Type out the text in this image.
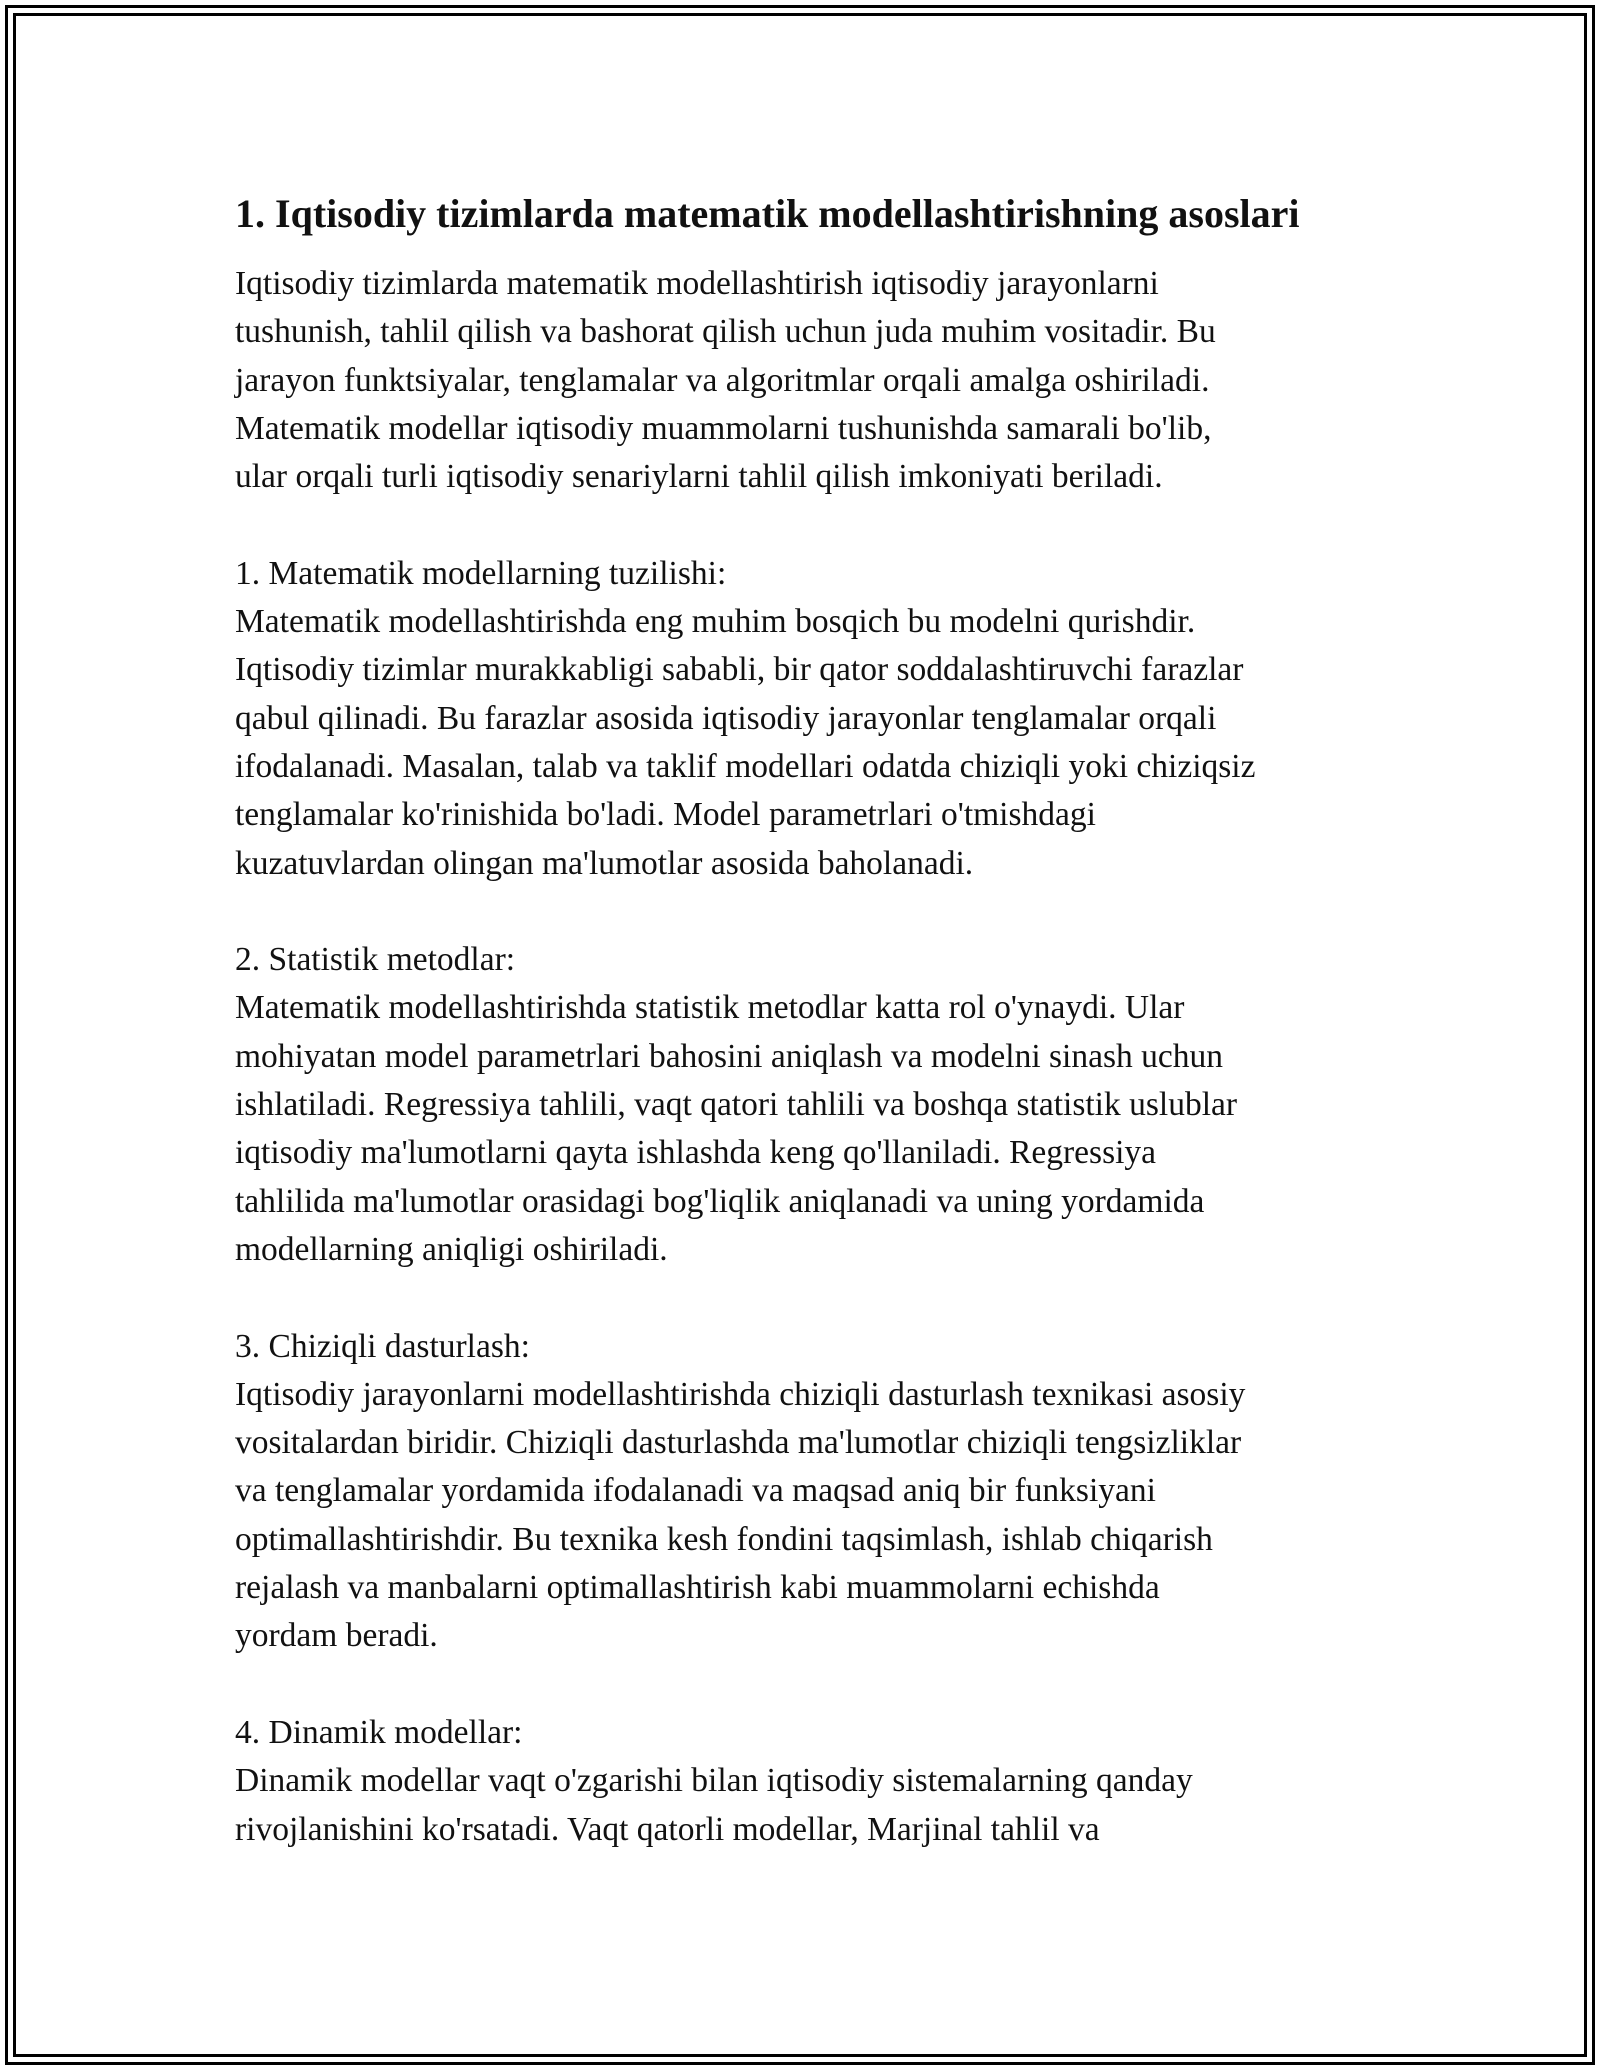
1. Iqtisodiy tizimlarda matematik modellashtirishning asoslari

Iqtisodiy tizimlarda matematik modellashtirish iqtisodiy jarayonlarni
tushunish, tahlil qilish va bashorat qilish uchun juda muhim vositadir. Bu
jarayon funktsiyalar, tenglamalar va algoritmlar orqali amalga oshiriladi.
Matematik modellar iqtisodiy muammolarni tushunishda samarali bo'lib,
ular orqali turli iqtisodiy senariylarni tahlil qilish imkoniyati beriladi.

1. Matematik modellarning tuzilishi:

Matematik modellashtirishda eng muhim bosqich bu modelni qurishdir.
Iqtisodiy tizimlar murakkabligi sababli, bir qator soddalashtiruvchi farazlar
qabul qilinadi. Bu farazlar asosida iqtisodiy jarayonlar tenglamalar orqali
ifodalanadi. Masalan, talab va taklif modellari odatda chiziqli yoki chiziqsiz
tenglamalar ko'rinishida bo'ladi. Model parametrlari o'tmishdagi
kuzatuvlardan olingan ma'lumotlar asosida baholanadi.

2. Statistik metodlar:

Matematik modellashtirishda statistik metodlar katta rol o'ynaydi. Ular
mohiyatan model parametrlari bahosini aniqlash va modelni sinash uchun
ishlatiladi. Regressiya tahlili, vaqt qatori tahlili va boshqa statistik uslublar
iqtisodiy ma'lumotlarni qayta ishlashda keng qo'llaniladi. Regressiya
tahlilida ma'lumotlar orasidagi bog'liqlik aniqlanadi va uning yordamida
modellarning aniqligi oshiriladi.

3. Chiziqli dasturlash:

Iqtisodiy jarayonlarni modellashtirishda chiziqli dasturlash texnikasi asosiy
vositalardan biridir. Chiziqli dasturlashda ma'lumotlar chiziqli tengsizliklar
va tenglamalar yordamida ifodalanadi va maqsad aniq bir funksiyani
optimallashtirishdir. Bu texnika kesh fondini taqsimlash, ishlab chiqarish
rejalash va manbalarni optimallashtirish kabi muammolarni echishda
yordam beradi.

4. Dinamik modellar:

Dinamik modellar vaqt o'zgarishi bilan iqtisodiy sistemalarning qanday
rivojlanishini ko'rsatadi. Vaqt qatorli modellar, Marjinal tahlil va
